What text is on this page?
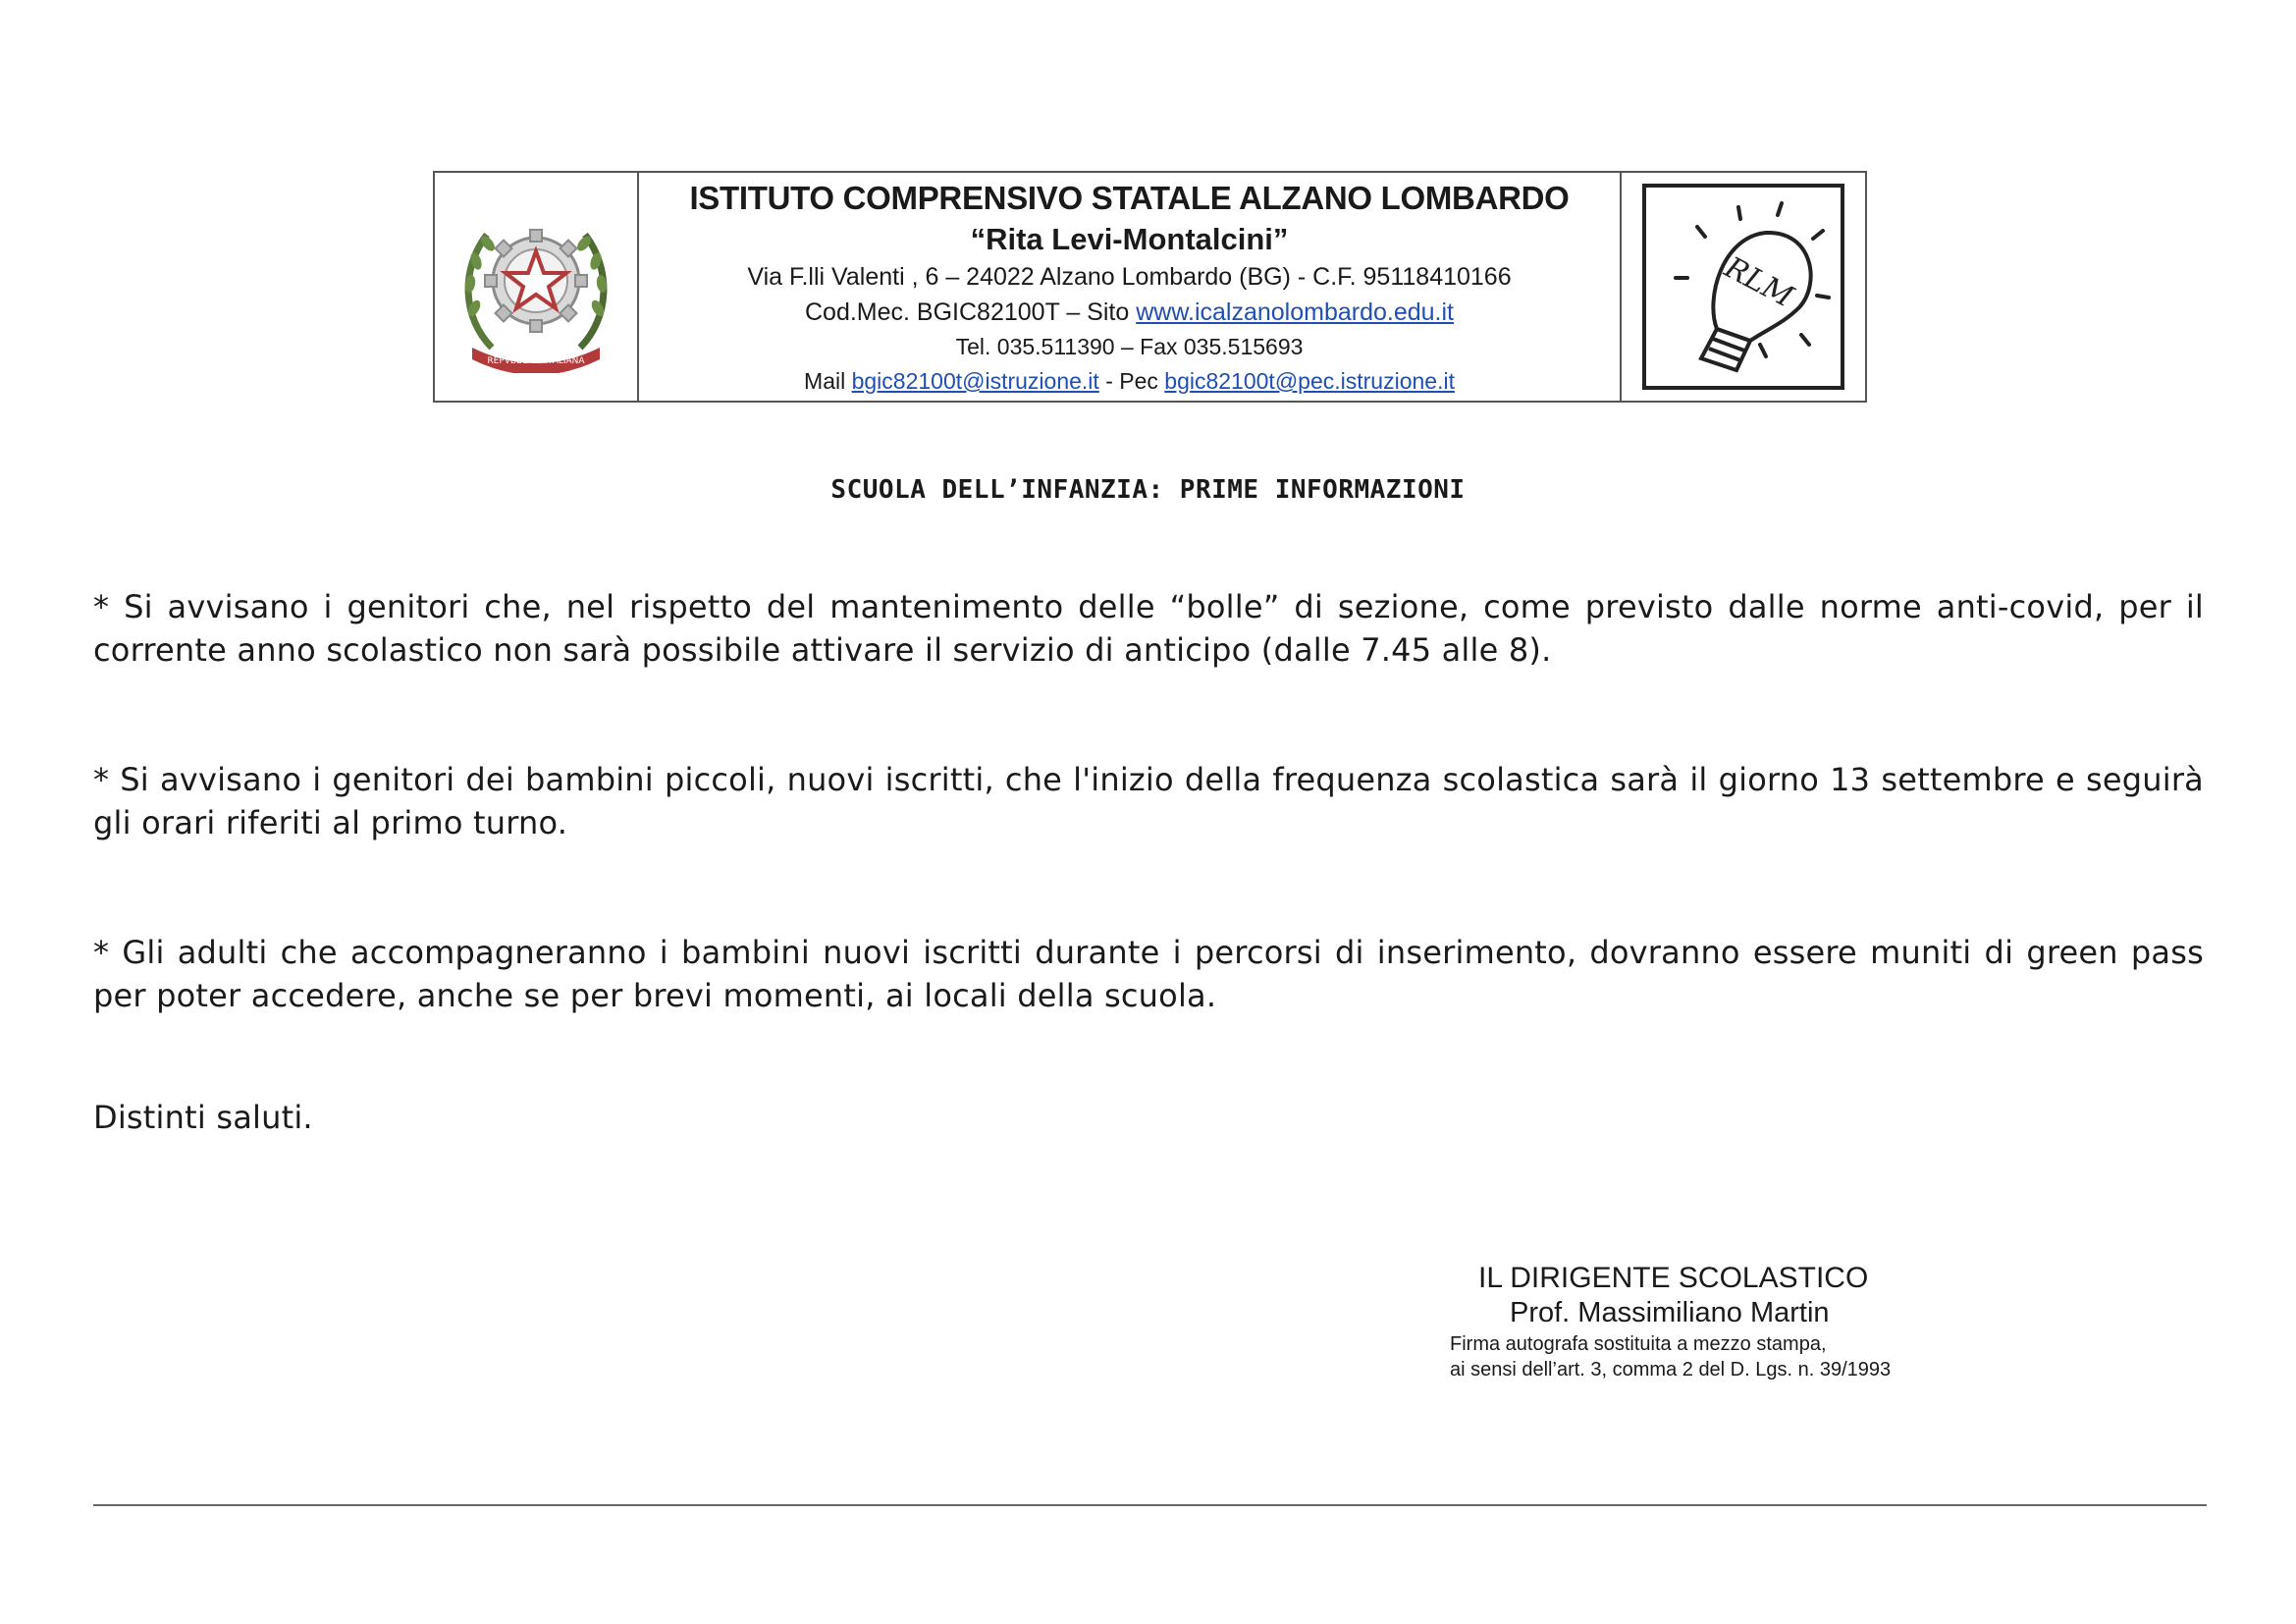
REPVBBLICA ITALIANA
ISTITUTO COMPRENSIVO STATALE ALZANO LOMBARDO
“Rita Levi-Montalcini”
Via F.lli Valenti , 6 – 24022 Alzano Lombardo (BG) - C.F. 95118410166
Cod.Mec. BGIC82100T – Sito www.icalzanolombardo.edu.it
Tel. 035.511390 – Fax 035.515693
Mail bgic82100t@istruzione.it - Pec bgic82100t@pec.istruzione.it
RLM
SCUOLA DELL’INFANZIA: PRIME INFORMAZIONI
* Si avvisano i genitori che, nel rispetto del mantenimento delle “bolle” di sezione, come previsto dalle norme anti-covid, per il corrente anno scolastico non sarà possibile attivare il servizio di anticipo (dalle 7.45 alle 8).
* Si avvisano i genitori dei bambini piccoli, nuovi iscritti, che l'inizio della frequenza scolastica sarà il giorno 13 settembre e seguirà gli orari riferiti al primo turno.
* Gli adulti che accompagneranno i bambini nuovi iscritti durante i percorsi di inserimento, dovranno essere muniti di green pass per poter accedere, anche se per brevi momenti, ai locali della scuola.
Distinti saluti.
IL DIRIGENTE SCOLASTICO
Prof. Massimiliano Martin
Firma autografa sostituita a mezzo stampa,
ai sensi dell’art. 3, comma 2 del D. Lgs. n. 39/1993
